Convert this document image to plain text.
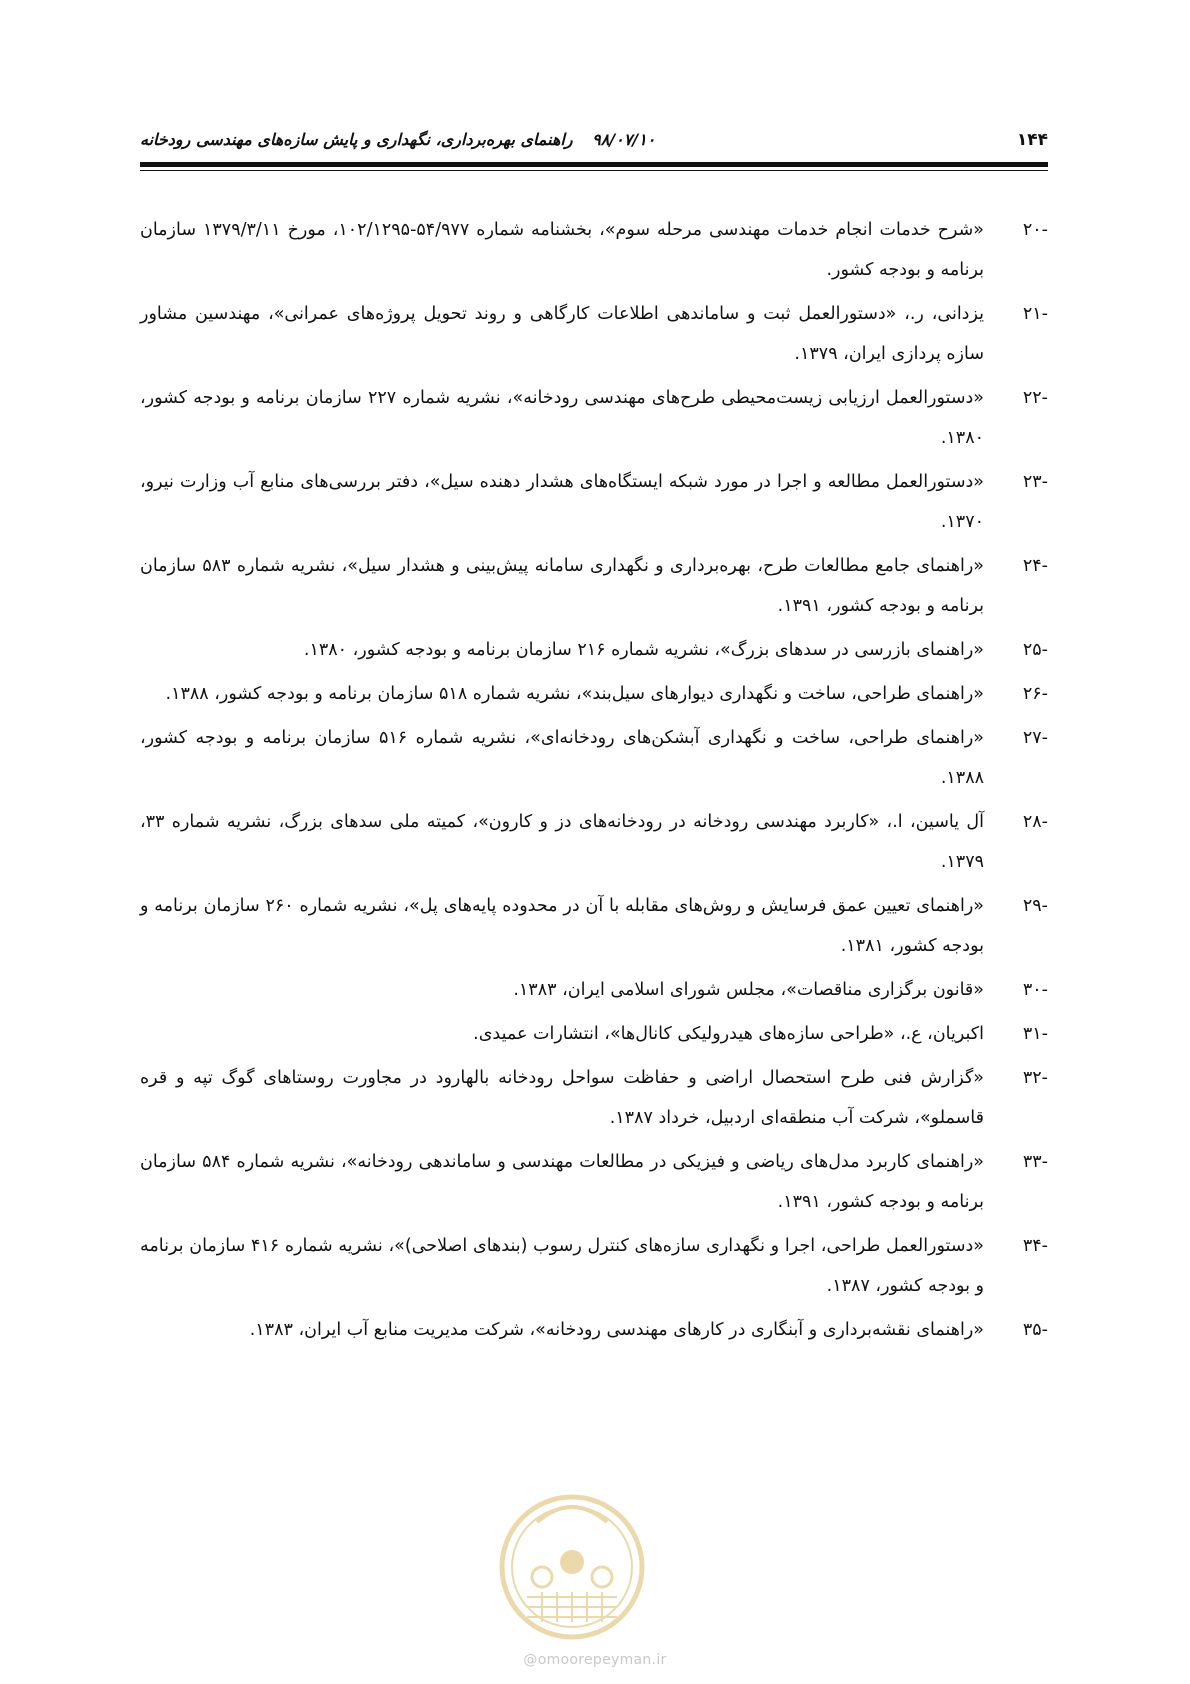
۱۴۴
۹۸/۰۷/۱۰ راهنمای بهره‌برداری، نگهداری و پایش سازه‌های مهندسی رودخانه
-۲۰
«شرح خدمات انجام خدمات مهندسی مرحله سوم»، بخشنامه شماره ۵۴/۹۷۷-۱۰۲/۱۲۹۵، مورخ ۱۳۷۹/۳/۱۱ سازمان برنامه و بودجه کشور.
-۲۱
یزدانی، ر.، «دستورالعمل ثبت و ساماندهی اطلاعات کارگاهی و روند تحویل پروژه‌های عمرانی»، مهندسین مشاور سازه پردازی ایران، ۱۳۷۹.
-۲۲
«دستورالعمل ارزیابی زیست‌محیطی طرح‌های مهندسی رودخانه»، نشریه شماره ۲۲۷ سازمان برنامه و بودجه کشور، ۱۳۸۰.
-۲۳
«دستورالعمل مطالعه و اجرا در مورد شبکه ایستگاه‌های هشدار دهنده سیل»، دفتر بررسی‌های منابع آب وزارت نیرو، ۱۳۷۰.
-۲۴
«راهنمای جامع مطالعات طرح، بهره‌برداری و نگهداری سامانه پیش‌بینی و هشدار سیل»، نشریه شماره ۵۸۳ سازمان برنامه و بودجه کشور، ۱۳۹۱.
-۲۵
«راهنمای بازرسی در سدهای بزرگ»، نشریه شماره ۲۱۶ سازمان برنامه و بودجه کشور، ۱۳۸۰.
-۲۶
«راهنمای طراحی، ساخت و نگهداری دیوارهای سیل‌بند»، نشریه شماره ۵۱۸ سازمان برنامه و بودجه کشور، ۱۳۸۸.
-۲۷
«راهنمای طراحی، ساخت و نگهداری آبشکن‌های رودخانه‌ای»، نشریه شماره ۵۱۶ سازمان برنامه و بودجه کشور، ۱۳۸۸.
-۲۸
آل یاسین، ا.، «کاربرد مهندسی رودخانه در رودخانه‌های دز و کارون»، کمیته ملی سدهای بزرگ، نشریه شماره ۳۳، ۱۳۷۹.
-۲۹
«راهنمای تعیین عمق فرسایش و روش‌های مقابله با آن در محدوده پایه‌های پل»، نشریه شماره ۲۶۰ سازمان برنامه و بودجه کشور، ۱۳۸۱.
-۳۰
«قانون برگزاری مناقصات»، مجلس شورای اسلامی ایران، ۱۳۸۳.
-۳۱
اکبریان، ع.، «طراحی سازه‌های هیدرولیکی کانال‌ها»، انتشارات عمیدی.
-۳۲
«گزارش فنی طرح استحصال اراضی و حفاظت سواحل رودخانه بالهارود در مجاورت روستاهای گوگ تپه و قره قاسملو»، شرکت آب منطقه‌ای اردبیل، خرداد ۱۳۸۷.
-۳۳
«راهنمای کاربرد مدل‌های ریاضی و فیزیکی در مطالعات مهندسی و ساماندهی رودخانه»، نشریه شماره ۵۸۴ سازمان برنامه و بودجه کشور، ۱۳۹۱.
-۳۴
«دستورالعمل طراحی، اجرا و نگهداری سازه‌های کنترل رسوب (بندهای اصلاحی)»، نشریه شماره ۴۱۶ سازمان برنامه و بودجه کشور، ۱۳۸۷.
-۳۵
«راهنمای نقشه‌برداری و آبنگاری در کارهای مهندسی رودخانه»، شرکت مدیریت منابع آب ایران، ۱۳۸۳.
@omoorepeyman.ir
